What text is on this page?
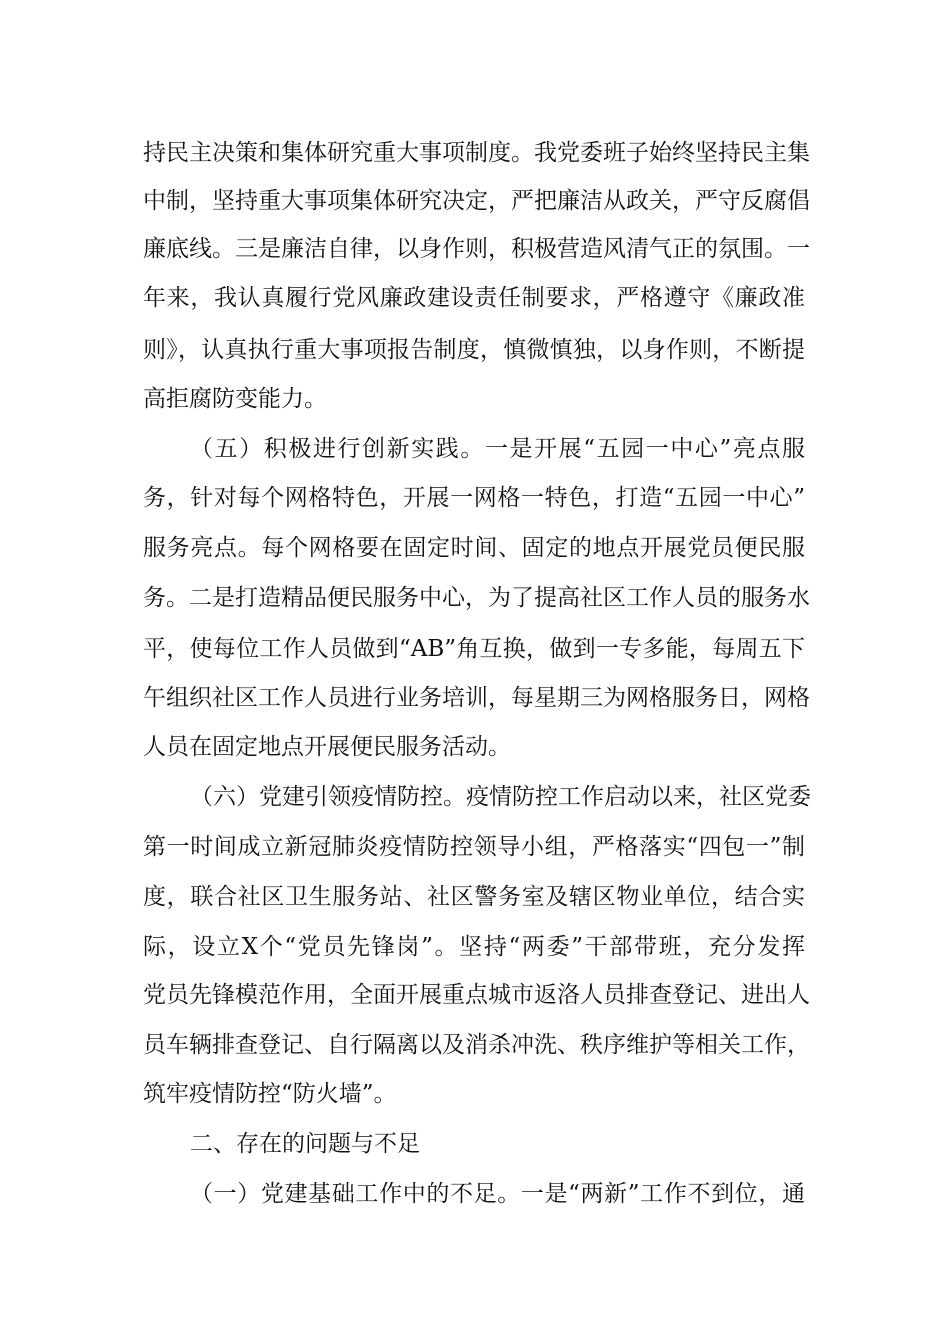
持民主决策和集体研究重大事项制度。我党委班子始终坚持民主集
中制，坚持重大事项集体研究决定，严把廉洁从政关，严守反腐倡
廉底线。三是廉洁自律，以身作则，积极营造风清气正的氛围。一
年来，我认真履行党风廉政建设责任制要求，严格遵守《廉政准
则》，认真执行重大事项报告制度，慎微慎独，以身作则，不断提
高拒腐防变能力。
（五）积极进行创新实践。一是开展“五园一中心”亮点服
务，针对每个网格特色，开展一网格一特色，打造“五园一中心”
服务亮点。每个网格要在固定时间、固定的地点开展党员便民服
务。二是打造精品便民服务中心，为了提高社区工作人员的服务水
平，使每位工作人员做到“AB”角互换，做到一专多能，每周五下
午组织社区工作人员进行业务培训，每星期三为网格服务日，网格
人员在固定地点开展便民服务活动。
（六）党建引领疫情防控。疫情防控工作启动以来，社区党委
第一时间成立新冠肺炎疫情防控领导小组，严格落实“四包一”制
度，联合社区卫生服务站、社区警务室及辖区物业单位，结合实
际，设立X个“党员先锋岗”。坚持“两委”干部带班，充分发挥
党员先锋模范作用，全面开展重点城市返洛人员排查登记、进出人
员车辆排查登记、自行隔离以及消杀冲洗、秩序维护等相关工作，
筑牢疫情防控“防火墙”。
二、存在的问题与不足
（一）党建基础工作中的不足。一是“两新”工作不到位，通
